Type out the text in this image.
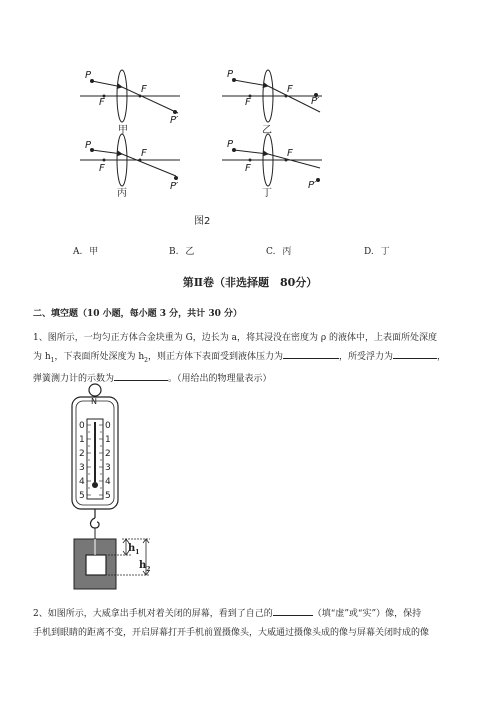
P
F
F
P′
甲
P
F
F
P′
乙
P
F
F
P′
丙
P
F
F
P′
丁
图2
A. 甲	B. 乙	C. 丙	D. 丁
第Ⅱ卷（非选择题　80分）
二、填空题（10 小题，每小题 3 分，共计 30 分）
1、图所示，一均匀正方体合金块重为 G，边长为 a，将其浸没在密度为 ρ 的液体中，上表面所处深度
为 $h_1$，下表面所处深度为 $h_2$，则正方体下表面受到液体压力为	，所受浮力为	，
弹簧测力计的示数为	。（用给出的物理量表示）
N
0
1
2
3
4
5
0
1
2
3
4
5
$h_1$
$h_2$
2、如图所示，大威拿出手机对着关闭的屏幕，看到了自己的	（填“虚”或“实”）像，保持
手机到眼睛的距离不变，开启屏幕打开手机前置摄像头，大威通过摄像头成的像与屏幕关闭时成的像
